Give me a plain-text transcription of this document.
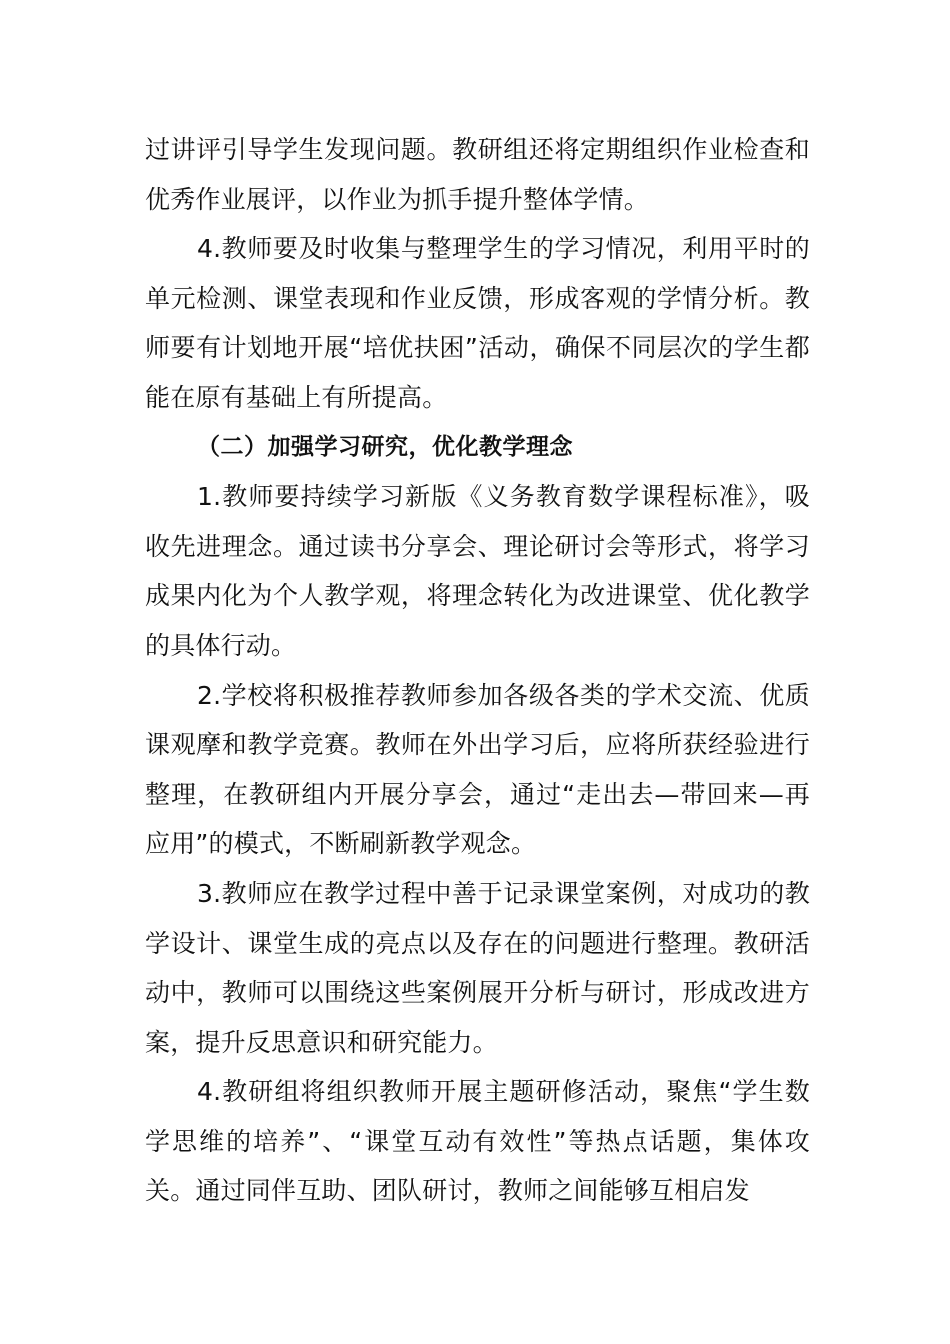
过讲评引导学生发现问题。教研组还将定期组织作业检查和优秀作业展评，以作业为抓手提升整体学情。

4.教师要及时收集与整理学生的学习情况，利用平时的单元检测、课堂表现和作业反馈，形成客观的学情分析。教师要有计划地开展“培优扶困”活动，确保不同层次的学生都能在原有基础上有所提高。

（二）加强学习研究，优化教学理念

1.教师要持续学习新版《义务教育数学课程标准》，吸收先进理念。通过读书分享会、理论研讨会等形式，将学习成果内化为个人教学观，将理念转化为改进课堂、优化教学的具体行动。

2.学校将积极推荐教师参加各级各类的学术交流、优质课观摩和教学竞赛。教师在外出学习后，应将所获经验进行整理，在教研组内开展分享会，通过“走出去—带回来—再应用”的模式，不断刷新教学观念。

3.教师应在教学过程中善于记录课堂案例，对成功的教学设计、课堂生成的亮点以及存在的问题进行整理。教研活动中，教师可以围绕这些案例展开分析与研讨，形成改进方案，提升反思意识和研究能力。

4.教研组将组织教师开展主题研修活动，聚焦“学生数学思维的培养”、“课堂互动有效性”等热点话题，集体攻关。通过同伴互助、团队研讨，教师之间能够互相启发
